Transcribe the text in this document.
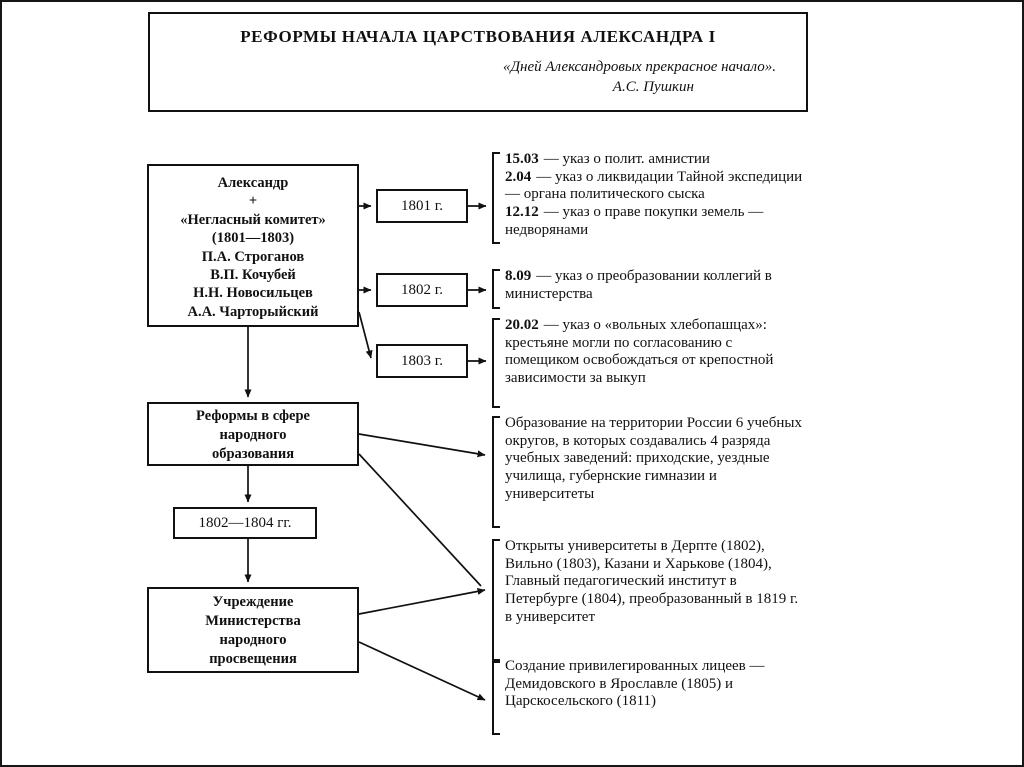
РЕФОРМЫ НАЧАЛА ЦАРСТВОВАНИЯ АЛЕКСАНДРА I
«Дней Александровых прекрасное начало».
А.С. Пушкин
Александр
+
«Негласный комитет»
(1801—1803)
П.А. Строганов
В.П. Кочубей
Н.Н. Новосильцев
А.А. Чарторыйский
1801 г.
1802 г.
1803 г.
Реформы в сфере
народного
образования
1802—1804 гг.
Учреждение
Министерства
народного
просвещения

15.03 — указ о полит. амнистии

2.04 — указ о ликвидации Тайной экспедиции — органа политического сыска

12.12 — указ о праве покупки земель — недворянами

8.09 — указ о преобразовании коллегий в министерства

20.02 — указ о «вольных хлебопашцах»: крестьяне могли по согласованию с помещиком освобождаться от крепостной зависимости за выкуп

Образование на территории России 6 учебных округов, в которых создавались 4 разряда учебных заведений: приходские, уездные училища, губернские гимназии и университеты

Открыты университеты в Дерпте (1802), Вильно (1803), Казани и Харькове (1804), Главный педагогический институт в Петербурге (1804), преобразованный в 1819 г. в университет

Создание привилегированных лицеев — Демидовского в Ярославле (1805) и Царскосельского (1811)
